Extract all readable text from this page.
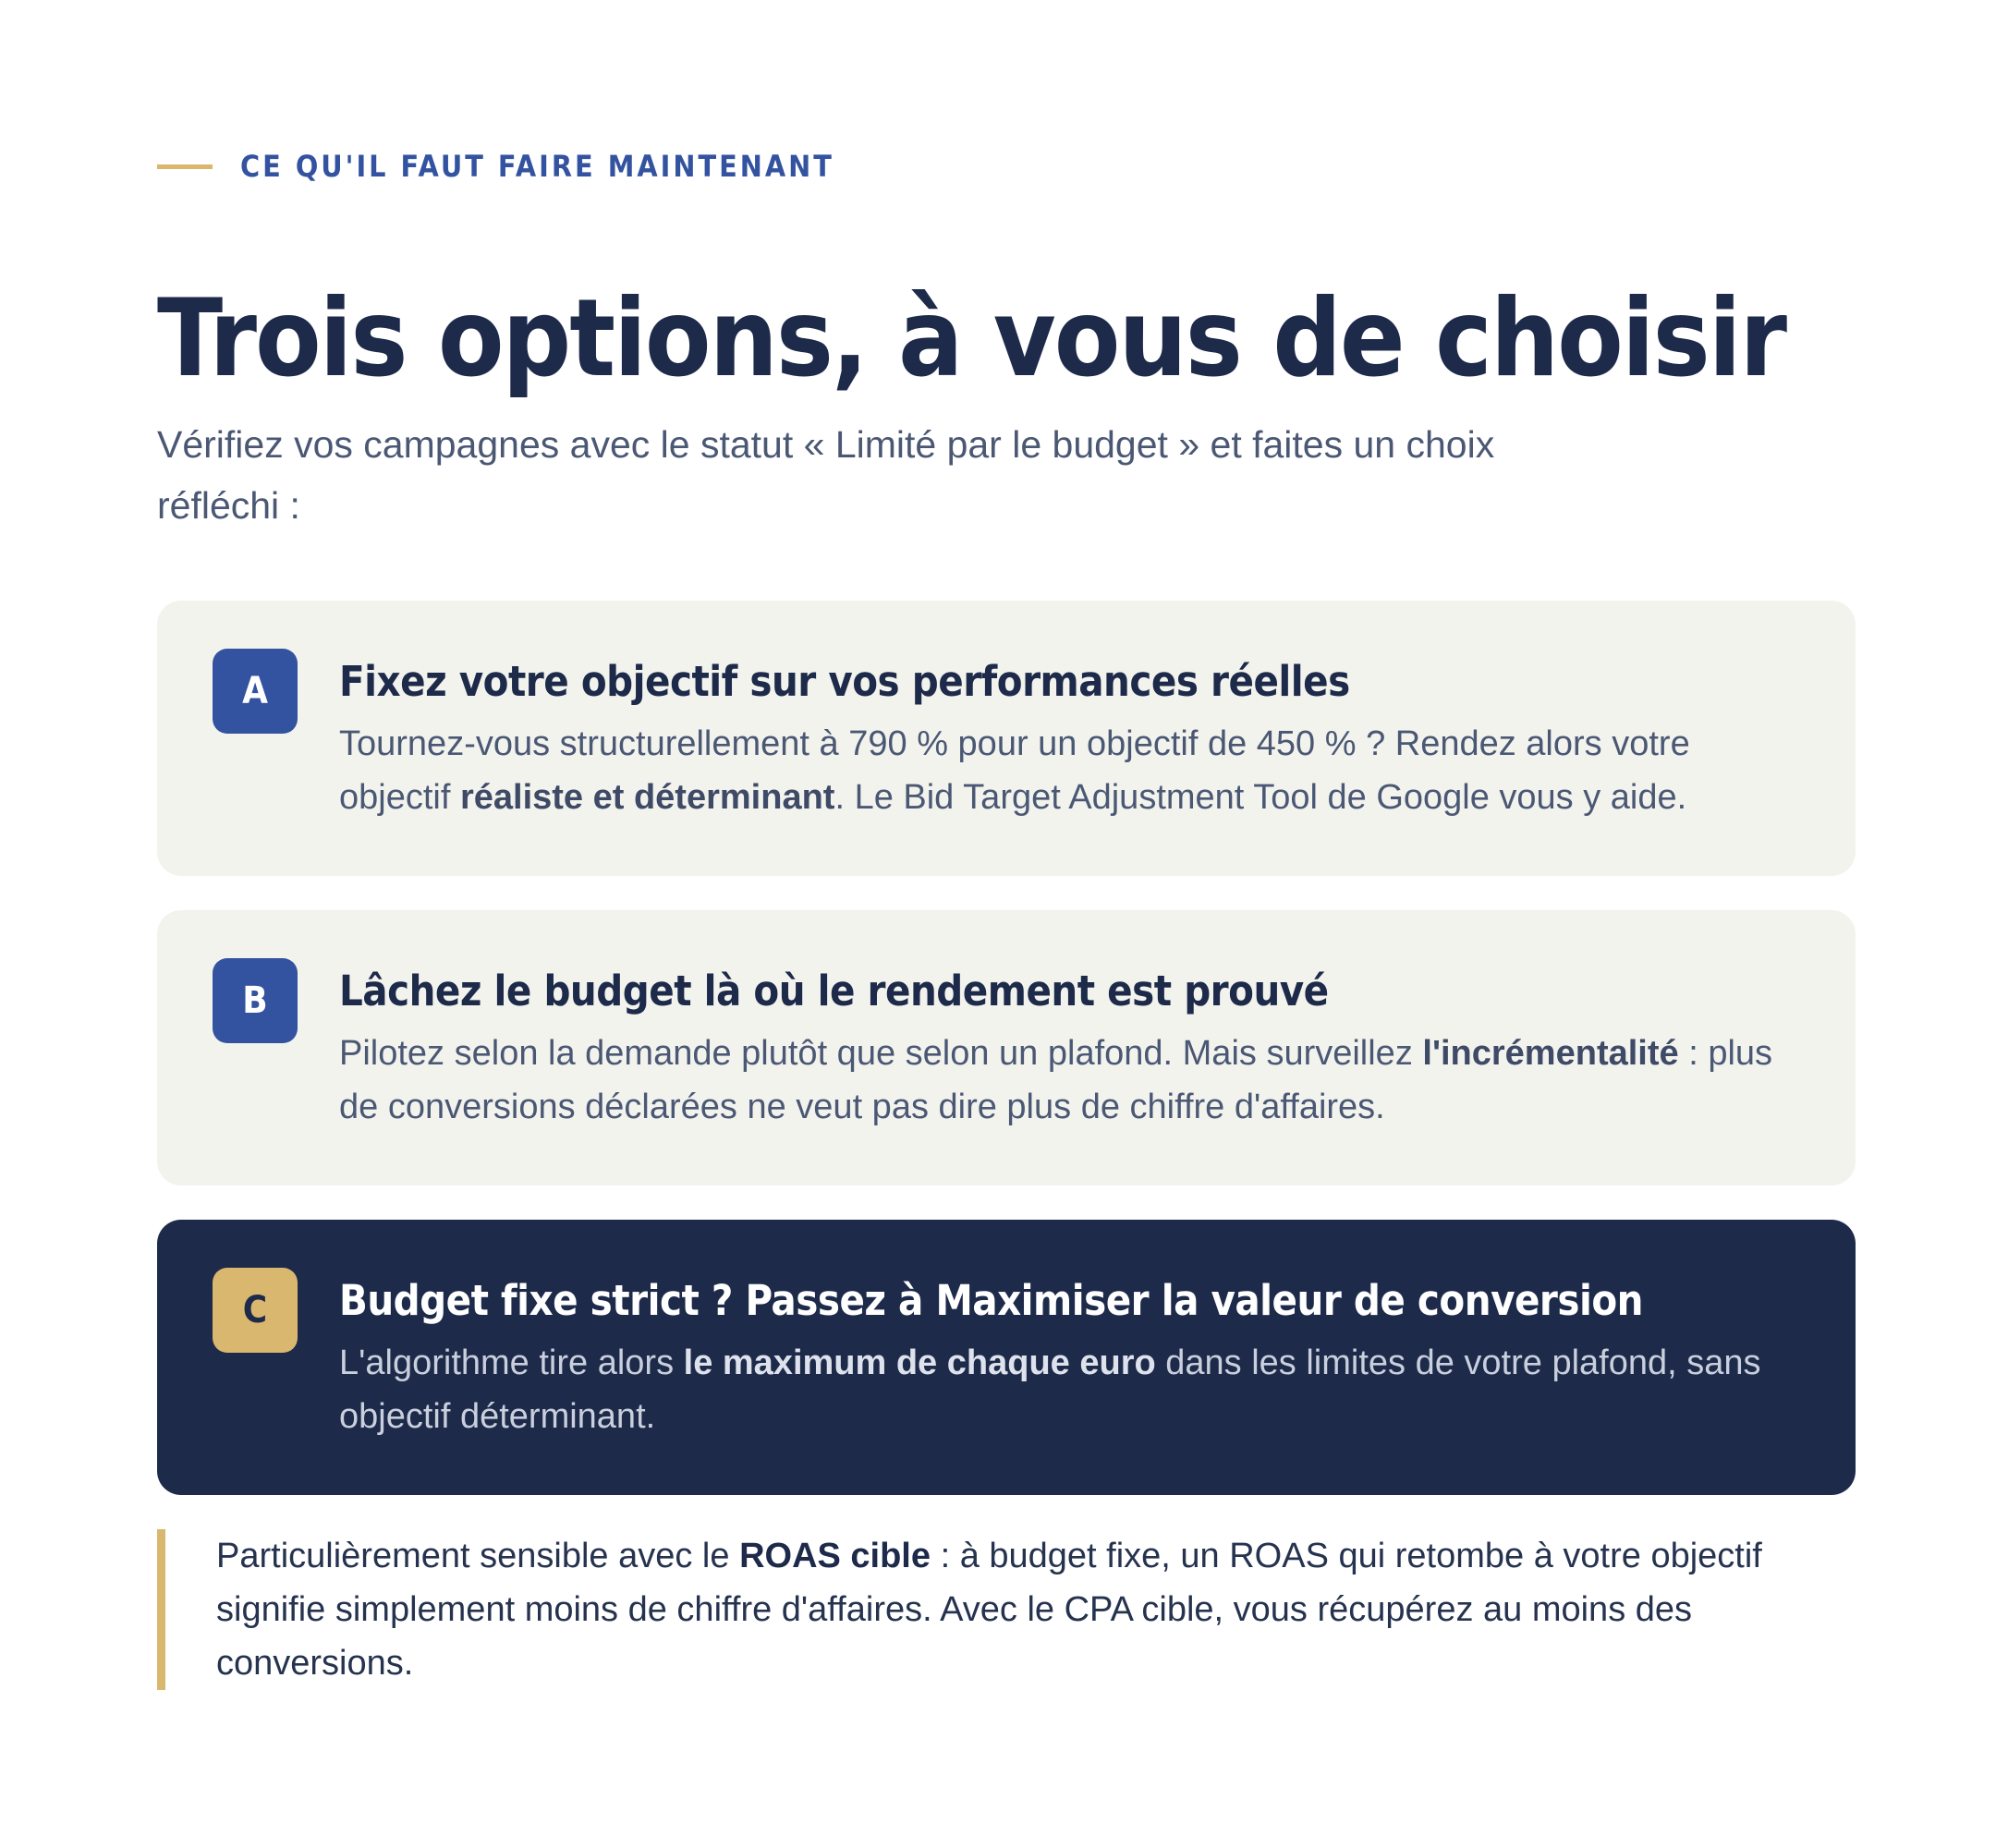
CE QU'IL FAUT FAIRE MAINTENANT
Trois options, à vous de choisir

Vérifiez vos campagnes avec le statut « Limité par le budget » et faites un choix réfléchi :

A	Fixez votre objectif sur vos performances réelles
Tournez-vous structurellement à 790 % pour un objectif de 450 % ? Rendez alors votre objectif réaliste et déterminant. Le Bid Target Adjustment Tool de Google vous y aide.
B	Lâchez le budget là où le rendement est prouvé
Pilotez selon la demande plutôt que selon un plafond. Mais surveillez l'incrémentalité : plus de conversions déclarées ne veut pas dire plus de chiffre d'affaires.
C	Budget fixe strict ? Passez à Maximiser la valeur de conversion
L'algorithme tire alors le maximum de chaque euro dans les limites de votre plafond, sans objectif déterminant.
Particulièrement sensible avec le ROAS cible : à budget fixe, un ROAS qui retombe à votre objectif signifie simplement moins de chiffre d'affaires. Avec le CPA cible, vous récupérez au moins des conversions.
